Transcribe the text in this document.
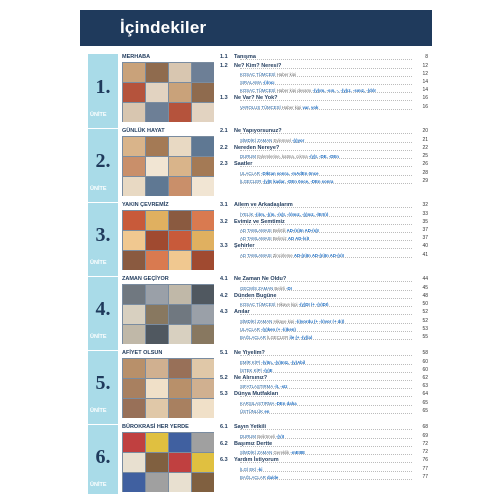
İçindekiler
1.
ÜNİTE
MERHABA	1.1	Tanışma	8
1.2	Ne? Kim? Neresi?	12
KOŞAÇ TÜMCESİ Haber kipi	12
SIRALAMA -(ı)ncı	14
KOŞAÇ TÜMCESİ Haber kipi devamı -(y)ım, -sın, -, -(y)ız, -sınız, -(dı)r	14
1.3	Ne Var? Ne Yok?	16
VAROLUŞ TÜMCESİ Haber kipi var, yok	16
2.
ÜNİTE
GÜNLÜK HAYAT	2.1	Ne Yapıyorsunuz?	20
ŞİMDİKİ ZAMAN Eylemsel -(ı)yor	21
2.2	Nereden Nereye?	22
DURUM Eylemlerine, katma, çıkma -(y)I, -DE, -DEn	25
2.3	Saatler	26
ULAÇLAR -DIktan sonra, -mAdEn önce	28
İLGEÇLER -(y)E kadar, -DEn önce, -DEn sonra	29
3.
ÜNİTE
YAKIN ÇEVREMİZ	3.1	Ailem ve Arkadaşlarım	32
İYELİK -(ı)m, -(ı)n, -(s)I, -(ı)mız, -(ı)nız, -lErI(ı)	33
3.2	Evimiz ve Semtimiz	35
AD TAMLAMASI Belirtili AD-(n)In AD-(s)I	37
AD TAMLAMASI Belirsiz AD AD-(s)I	37
3.3	Şehirler	40
AD TAMLAMASI Zincirleme AD-(n)In AD-(n)In AD-(s)I	41
4.
ÜNİTE
ZAMAN GEÇİYOR	4.1	Ne Zaman Ne Oldu?	44
GEÇMİŞ ZAMAN Belirli -DI	45
4.2	Dünden Bugüne	48
KOŞAÇ TÜMCESİ Hikaye kipi -(y)DI (+ -(y)DI)	50
4.3	Anılar	52
ŞİMDİKİ ZAMAN Hikaye kipi -(ı)yordu (+ -(ı)yor (+ dı))	52
ULAÇLAR -(y)ken (+ -(ı)ken)	53
BAĞLAÇLAR İLGEÇLER ile (+ -(y)la)	55
5.
ÜNİTE
AFİYET OLSUN	5.1	Ne Yiyelim?	58
EMİR KİPİ -(y)In, -(y)InIz, -(y)Abil	60
İSTEK KİPİ -(y)E	60
5.2	Ne Alırsınız?	62
SIFATLAŞTIRMA -lI, -sIz	63
5.3	Dünya Mutfakları	64
KARŞILAŞTIRMA -DEn daha	65
ÜSTÜNLÜK en	65
6.
ÜNİTE
BÜROKRASİ HER YERDE	6.1	Sayın Yetkili	68
DURUM Belirtmeli -(y)I	69
6.2	Başımız Dertte	72
ŞİMDİKİ ZAMAN Gereklik -mEIIIE	72
6.3	Yardım İstiyorum	76
İLGİ EKİ -ki	77
BAĞLAÇLAR da/de	77
